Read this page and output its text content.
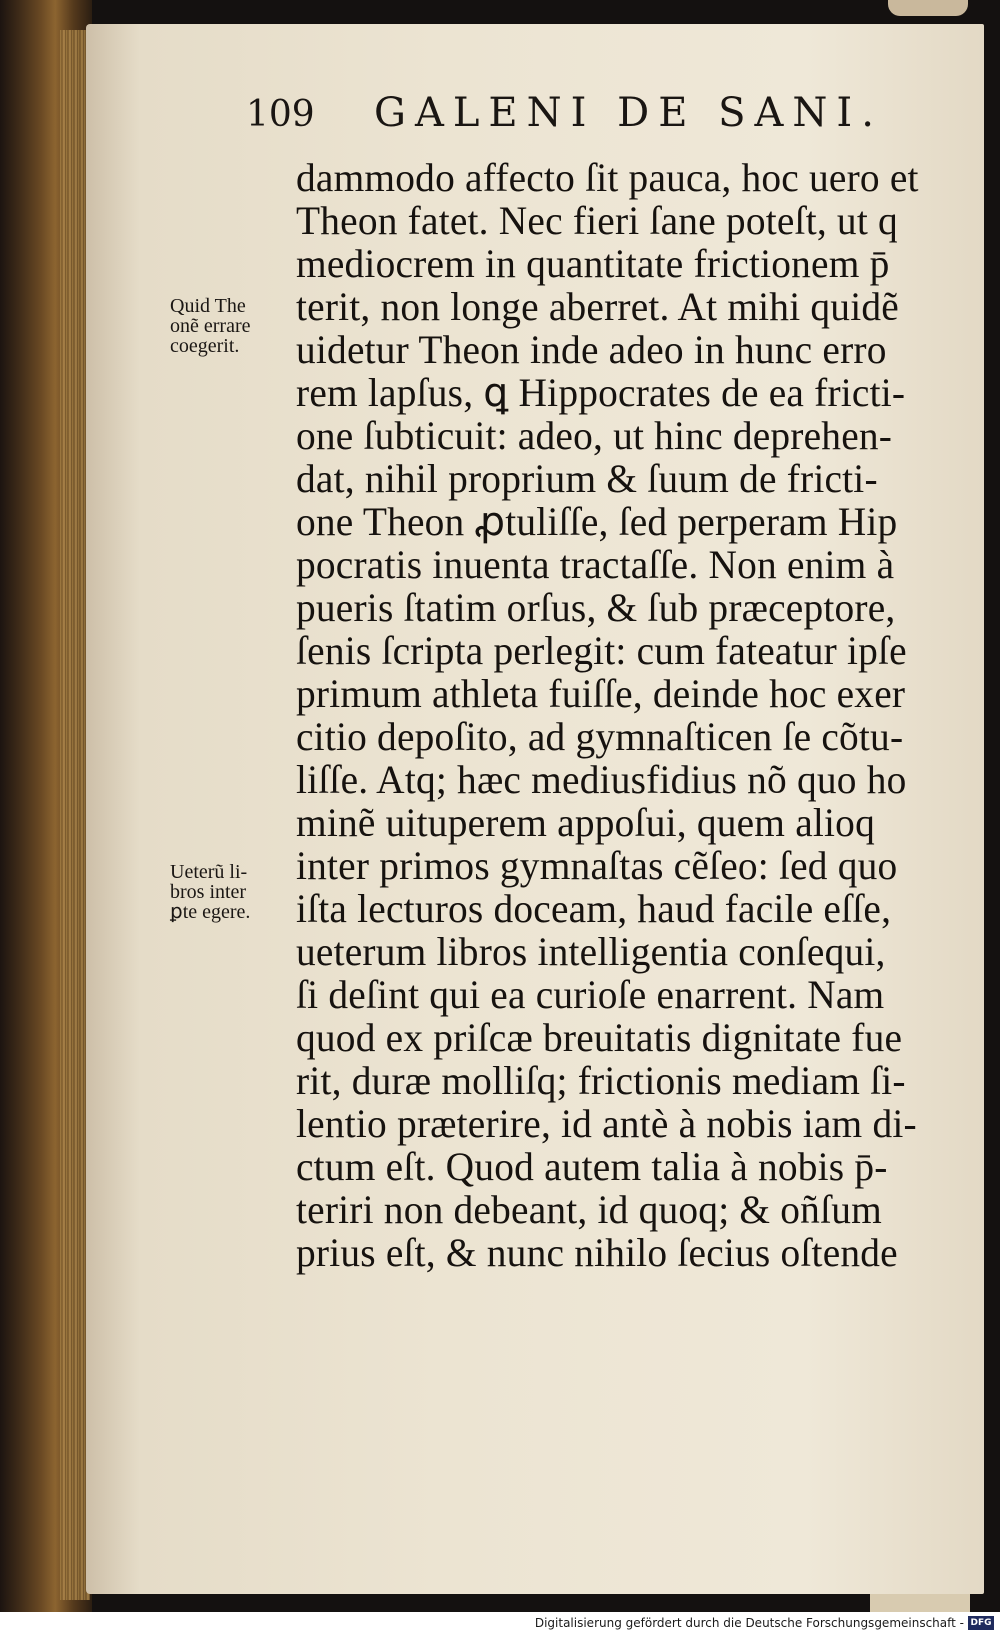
109 GALENI DE SANI.
Quid The
onẽ errare
coegerit.
Ueterũ li-
bros inter
ꝑte egere.
dammodo affecto ſit pauca, hoc uero et
Theon fatet. Nec fieri ſane poteſt, ut q
mediocrem in quantitate frictionem p̄
terit, non longe aberret. At mihi quidẽ
uidetur Theon inde adeo in hunc erro
rem lapſus, ꝗ Hippocrates de ea fricti-
one ſubticuit: adeo, ut hinc deprehen-
dat, nihil proprium & ſuum de fricti-
one Theon ꝓtuliſſe, ſed perperam Hip
pocratis inuenta tractaſſe. Non enim à
pueris ſtatim orſus, & ſub præceptore,
ſenis ſcripta perlegit: cum fateatur ipſe
primum athleta fuiſſe, deinde hoc exer
citio depoſito, ad gymnaſticen ſe cõtu-
liſſe. Atq; hæc mediusfidius nõ quo ho
minẽ uituperem appoſui, quem alioq
inter primos gymnaſtas cẽſeo: ſed quo
iſta lecturos doceam, haud facile eſſe,
ueterum libros intelligentia conſequi,
ſi deſint qui ea curioſe enarrent. Nam
quod ex priſcæ breuitatis dignitate fue
rit, duræ molliſq; frictionis mediam ſi-
lentio præterire, id antè à nobis iam di-
ctum eſt. Quod autem talia à nobis p̄-
teriri non debeant, id quoq; & oñſum
prius eſt, & nunc nihilo ſecius oſtende
Digitalisierung gefördert durch die Deutsche Forschungsgemeinschaft - DFG
